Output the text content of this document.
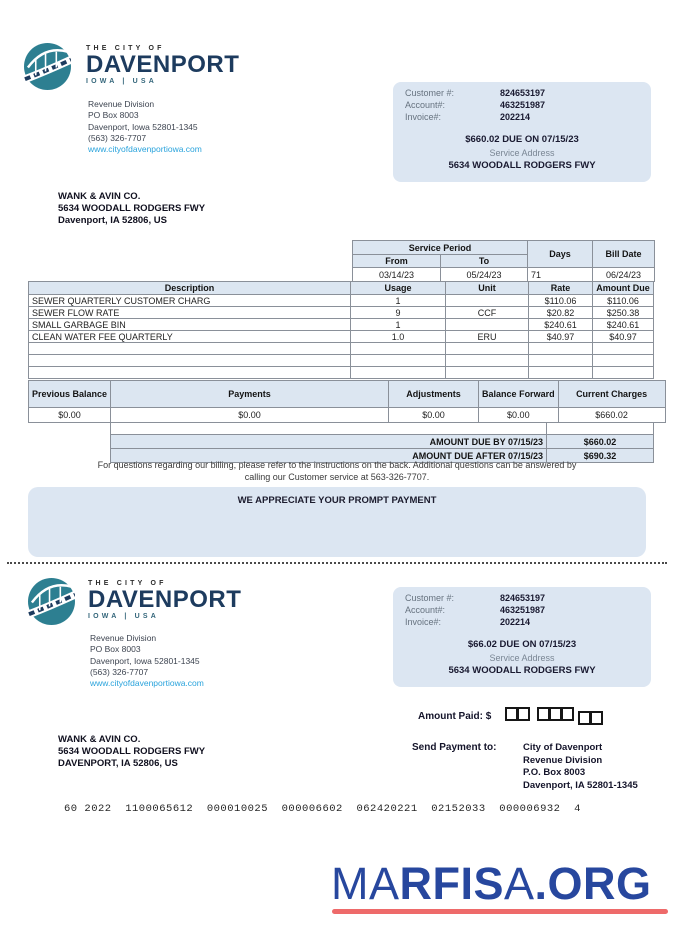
THE CITY OF
DAVENPORT
IOWA | USA
Revenue Division
PO Box 8003
Davenport, Iowa 52801-1345
(563) 326-7707
www.cityofdavenportiowa.com
Customer #:	824653197
Account#:	463251987
Invoice#:	202214
$660.02 DUE ON 07/15/23
Service Address
5634 WOODALL RODGERS FWY
WANK & AVIN CO.
5634 WOODALL RODGERS FWY
Davenport, IA 52806, US
Service Period		Days	Bill Date
From	To		
03/14/23	05/24/23	71	06/24/23
Description	Usage	Unit	Rate	Amount Due
SEWER QUARTERLY CUSTOMER CHARG	1		$110.06	$110.06
SEWER FLOW RATE	9	CCF	$20.82	$250.38
SMALL GARBAGE BIN	1		$240.61	$240.61
CLEAN WATER FEE QUARTERLY	1.0	ERU	$40.97	$40.97

Previous Balance	Payments	Adjustments	Balance Forward	Current Charges
$0.00	$0.00	$0.00	$0.00	$660.02

AMOUNT DUE BY 07/15/23	$660.02
AMOUNT DUE AFTER 07/15/23	$690.32
For questions regarding our billing, please refer to the instructions on the back. Additional questions can be answered by
calling our Customer service at 563-326-7707.
WE APPRECIATE YOUR PROMPT PAYMENT
THE CITY OF
DAVENPORT
IOWA | USA
Revenue Division
PO Box 8003
Davenport, Iowa 52801-1345
(563) 326-7707
www.cityofdavenportiowa.com
Customer #:	824653197
Account#:	463251987
Invoice#:	202214
$66.02 DUE ON 07/15/23
Service Address
5634 WOODALL RODGERS FWY
Amount Paid: $
Send Payment to:	City of Davenport
Revenue Division
P.O. Box 8003
Davenport, IA 52801-1345
WANK & AVIN CO.
5634 WOODALL RODGERS FWY
DAVENPORT, IA 52806, US
60 2022  1100065612  000010025  000006602  062420221  02152033  000006932  4
MARFISA.ORG
